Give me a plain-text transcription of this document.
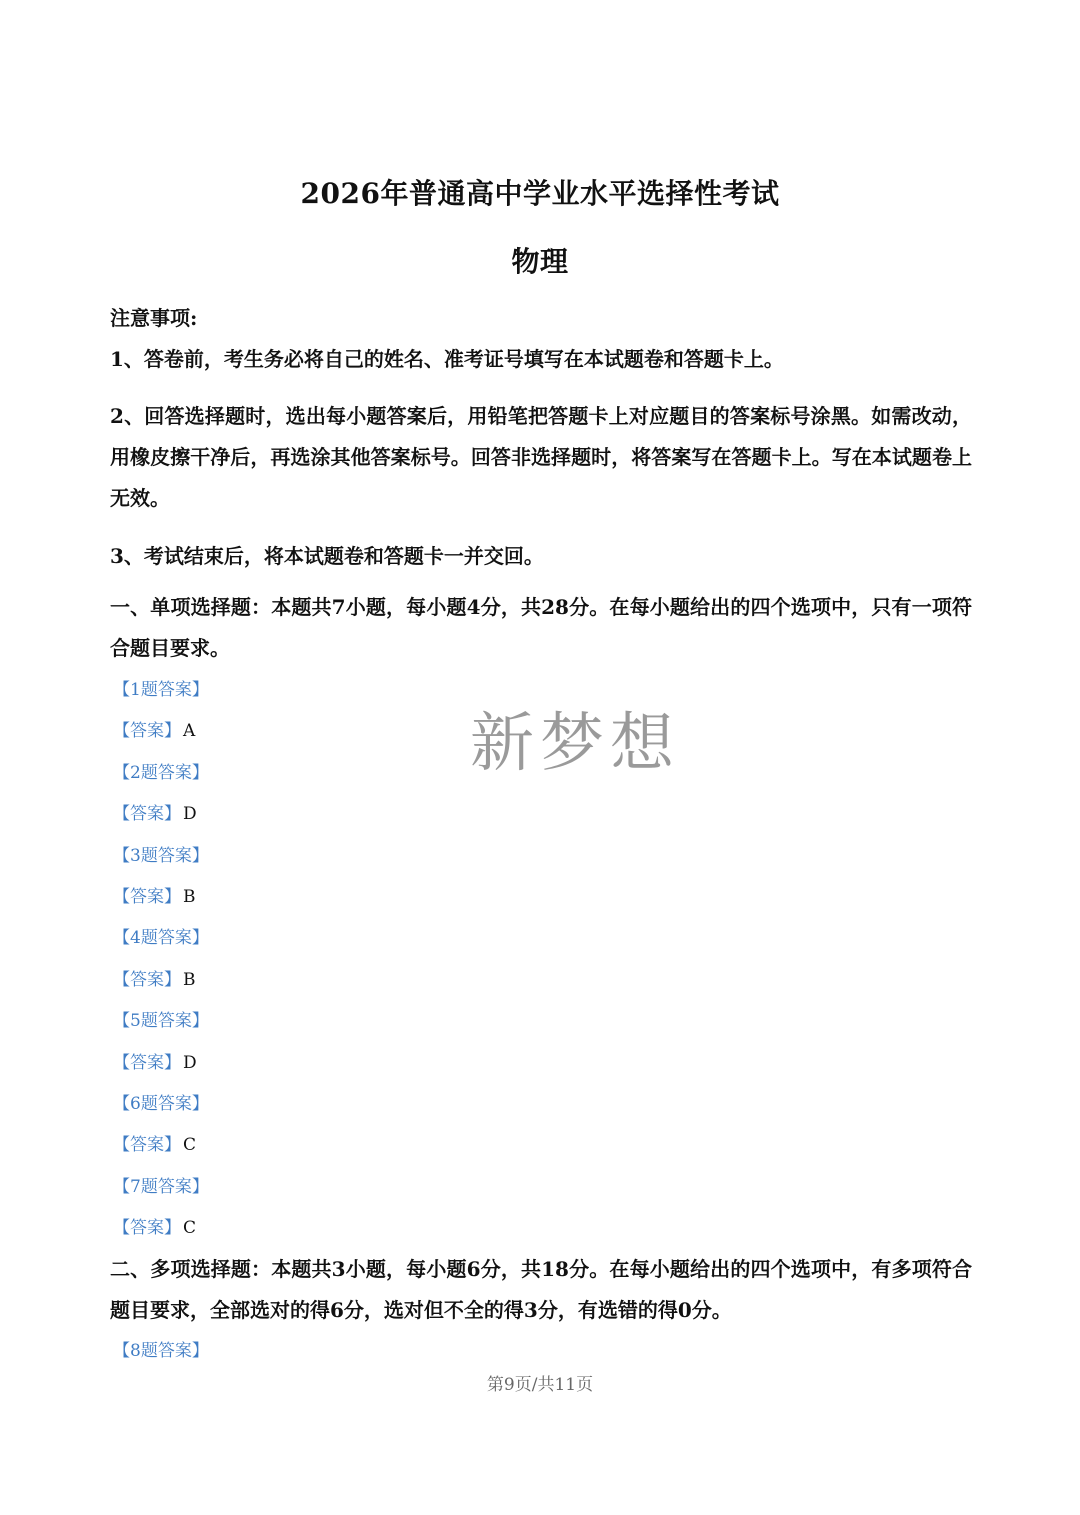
2026年普通高中学业水平选择性考试
物理
注意事项:
1、答卷前，考生务必将自己的姓名、准考证号填写在本试题卷和答题卡上。
2、回答选择题时，选出每小题答案后，用铅笔把答题卡上对应题目的答案标号涂黑。如需改动，用橡皮擦干净后，再选涂其他答案标号。回答非选择题时，将答案写在答题卡上。写在本试题卷上无效。
3、考试结束后，将本试题卷和答题卡一并交回。
一、单项选择题：本题共7小题，每小题4分，共28分。在每小题给出的四个选项中，只有一项符合题目要求。
【1题答案】
【答案】 A
【2题答案】
【答案】 D
【3题答案】
【答案】 B
【4题答案】
【答案】 B
【5题答案】
【答案】 D
【6题答案】
【答案】 C
【7题答案】
【答案】 C
二、多项选择题：本题共3小题，每小题6分，共18分。在每小题给出的四个选项中，有多项符合题目要求，全部选对的得6分，选对但不全的得3分，有选错的得0分。
【8题答案】
新梦想
第9页/共11页
